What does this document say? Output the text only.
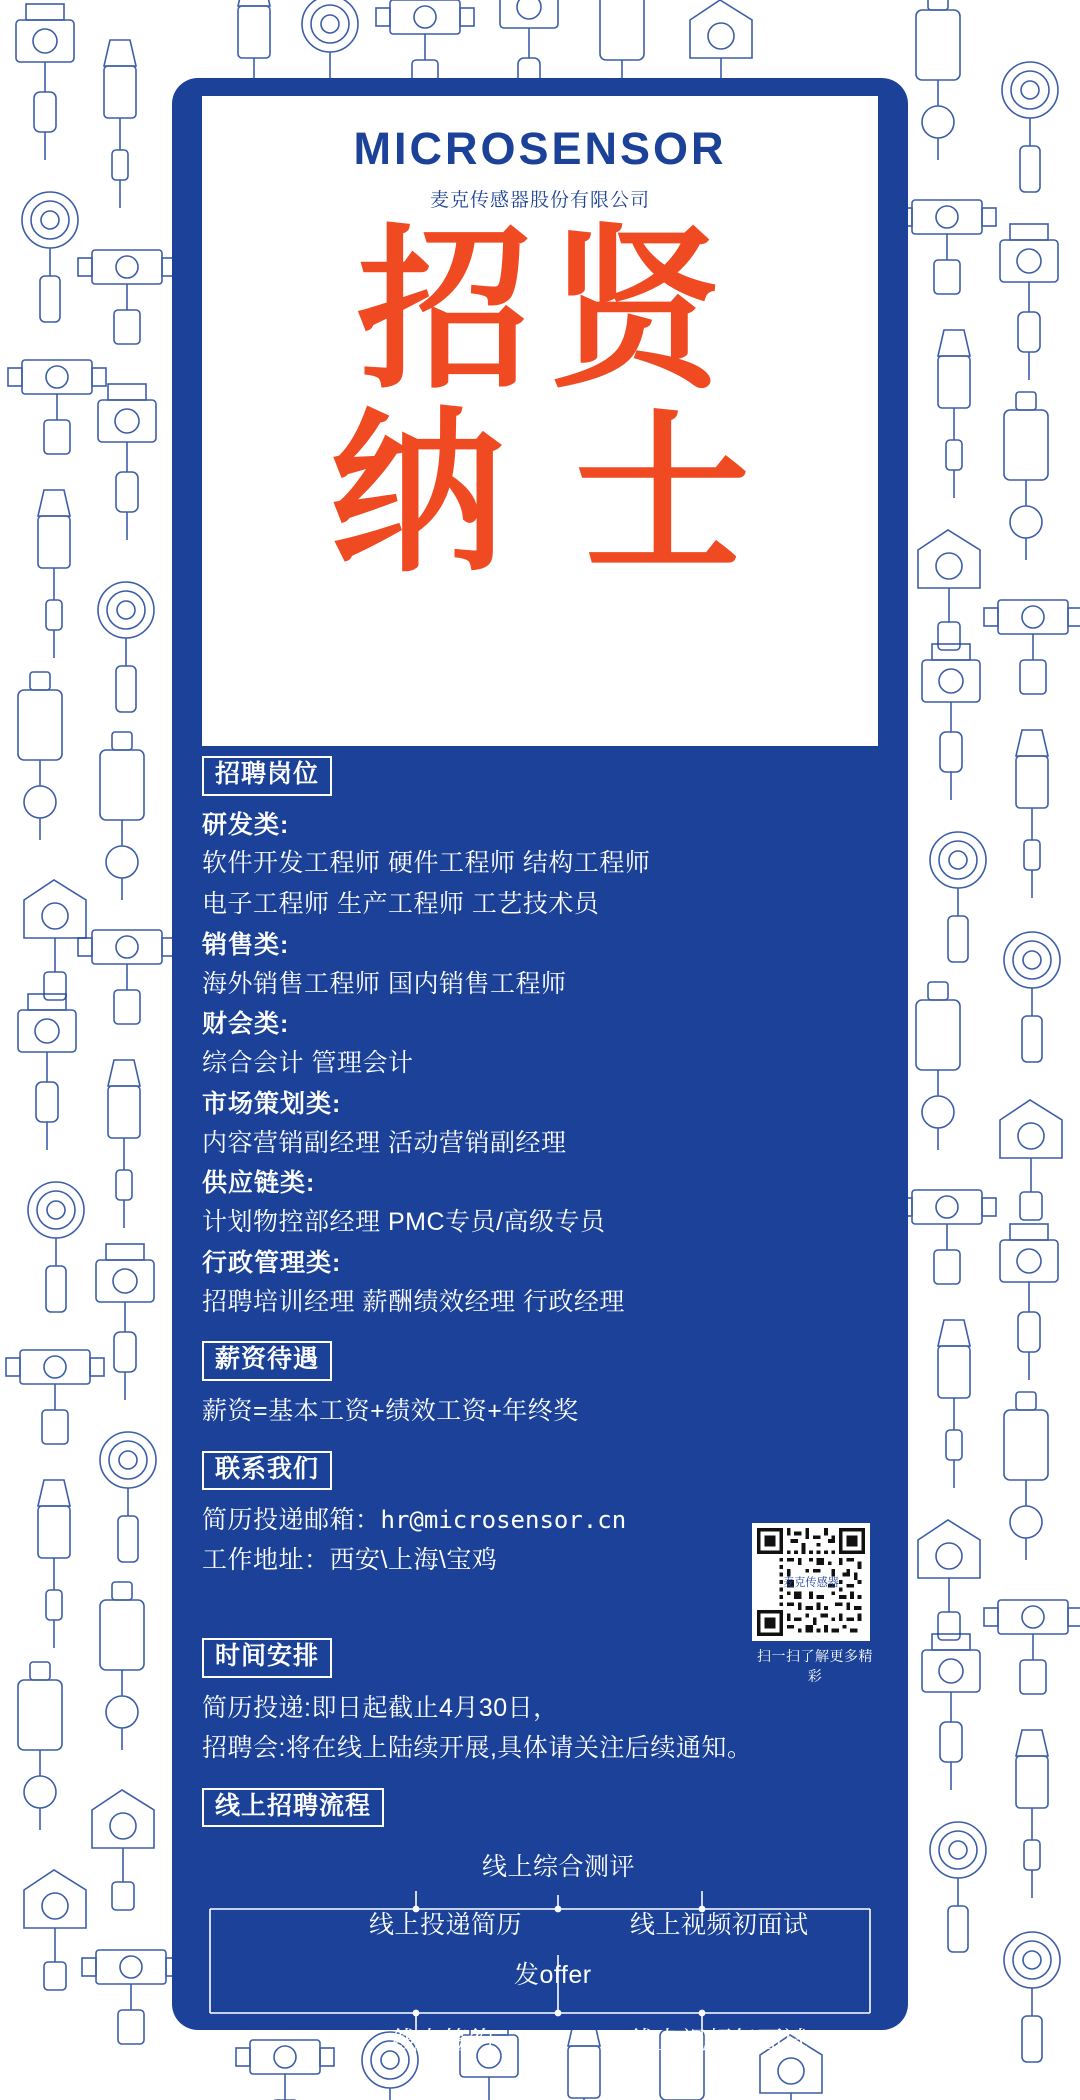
MICROSENSOR
麦克传感器股份有限公司
招贤
纳士
招聘岗位
研发类:
软件开发工程师 硬件工程师 结构工程师
电子工程师 生产工程师 工艺技术员
销售类:
海外销售工程师 国内销售工程师
财会类:
综合会计 管理会计
市场策划类:
内容营销副经理 活动营销副经理
供应链类:
计划物控部经理 PMC专员/高级专员
行政管理类:
招聘培训经理 薪酬绩效经理 行政经理
薪资待遇
薪资=基本工资+绩效工资+年终奖
联系我们
简历投递邮箱：hr@microsensor.cn
工作地址：西安\上海\宝鸡
麦克传感器
扫一扫了解更多精彩
时间安排
简历投递:即日起截止4月30日，
招聘会:将在线上陆续开展,具体请关注后续通知。
线上招聘流程
线上投递简历
线上综合测评
线上视频初面试
发offer
线上签约	线上视频复面试
